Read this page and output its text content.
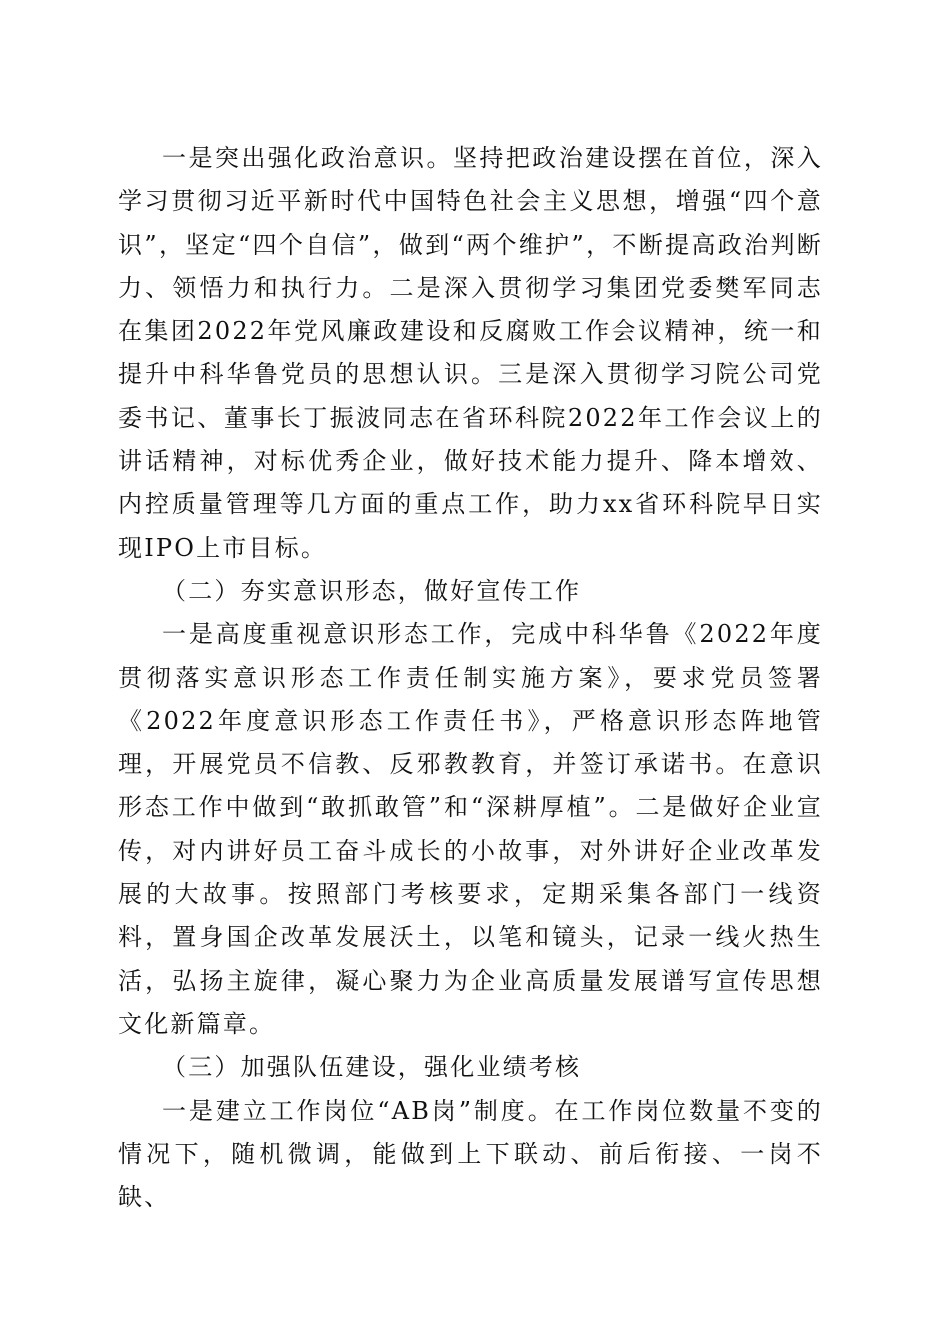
一是突出强化政治意识。坚持把政治建设摆在首位，深入学习贯彻习近平新时代中国特色社会主义思想，增强“四个意识”，坚定“四个自信”，做到“两个维护”，不断提高政治判断力、领悟力和执行力。二是深入贯彻学习集团党委樊军同志在集团2022年党风廉政建设和反腐败工作会议精神，统一和提升中科华鲁党员的思想认识。三是深入贯彻学习院公司党委书记、董事长丁振波同志在省环科院2022年工作会议上的讲话精神，对标优秀企业，做好技术能力提升、降本增效、内控质量管理等几方面的重点工作，助力xx省环科院早日实现IPO上市目标。

（二）夯实意识形态，做好宣传工作

一是高度重视意识形态工作，完成中科华鲁《2022年度贯彻落实意识形态工作责任制实施方案》，要求党员签署《2022年度意识形态工作责任书》，严格意识形态阵地管理，开展党员不信教、反邪教教育，并签订承诺书。在意识形态工作中做到“敢抓敢管”和“深耕厚植”。二是做好企业宣传，对内讲好员工奋斗成长的小故事，对外讲好企业改革发展的大故事。按照部门考核要求，定期采集各部门一线资料，置身国企改革发展沃土，以笔和镜头，记录一线火热生活，弘扬主旋律，凝心聚力为企业高质量发展谱写宣传思想文化新篇章。

（三）加强队伍建设，强化业绩考核

一是建立工作岗位“AB岗”制度。在工作岗位数量不变的情况下，随机微调，能做到上下联动、前后衔接、一岗不缺、
